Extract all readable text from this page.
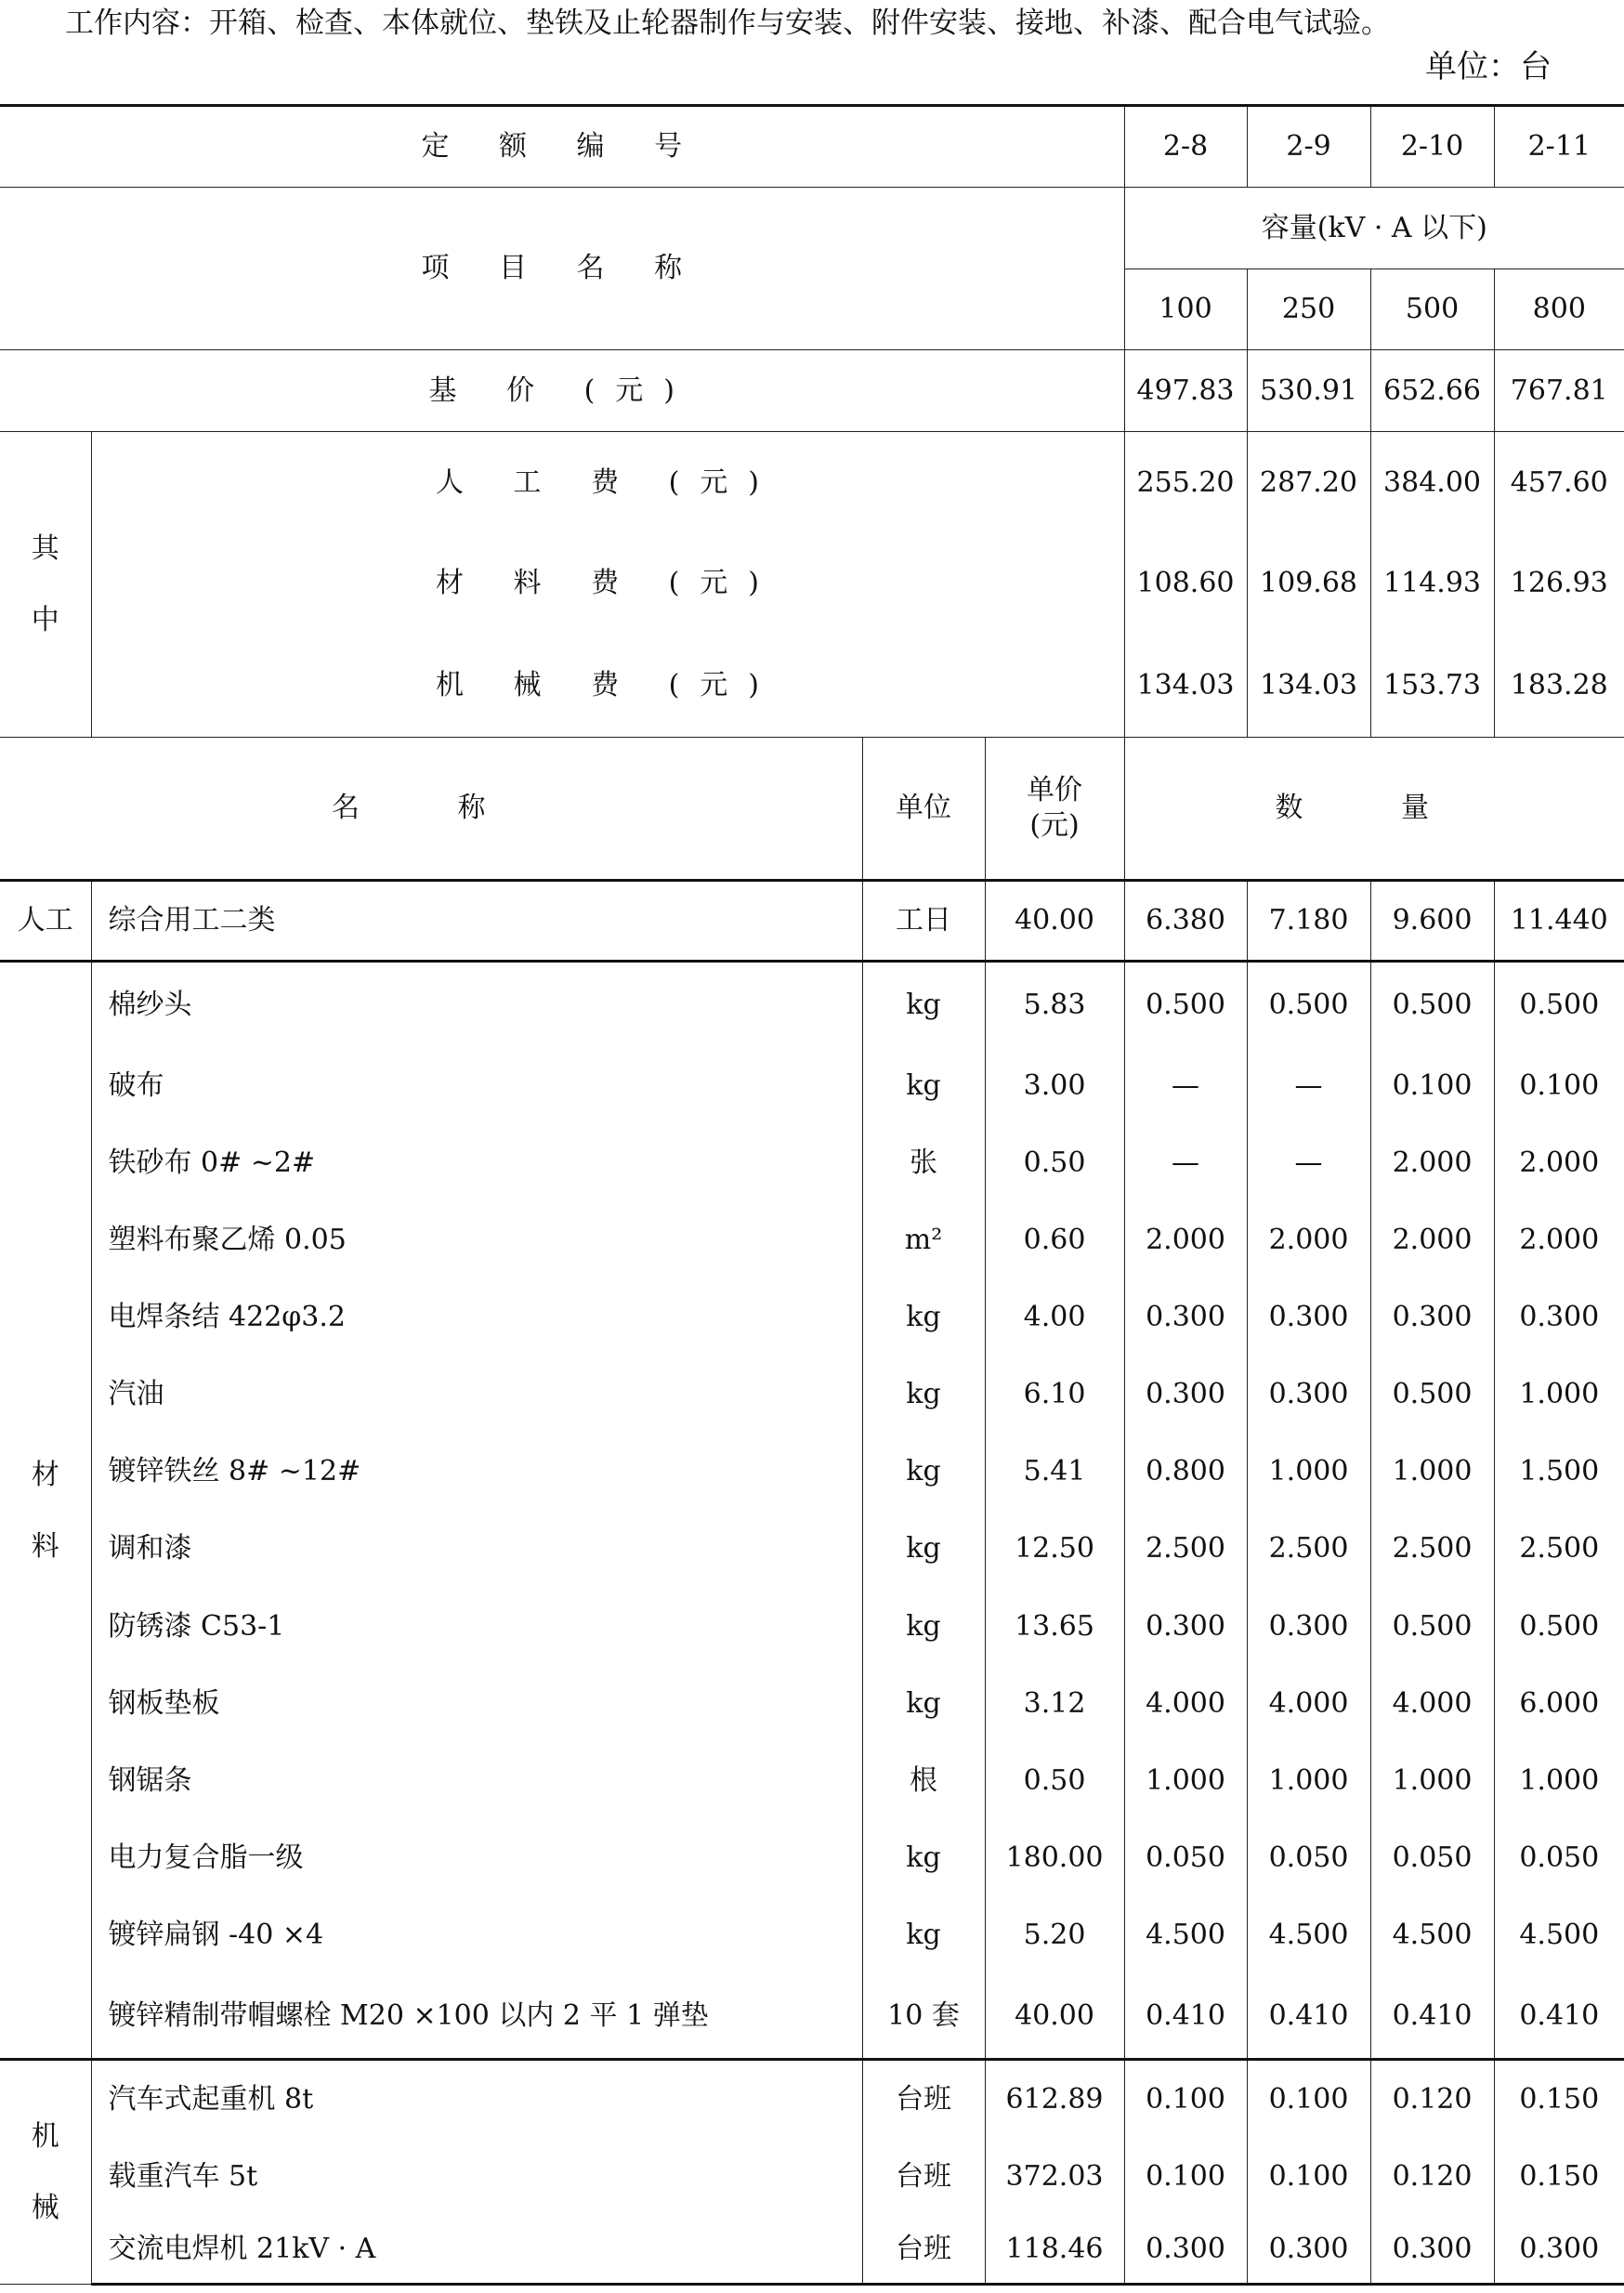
工作内容：开箱、检查、本体就位、垫铁及止轮器制作与安装、附件安装、接地、补漆、配合电气试验。
单位：台
定 额 编 号				2-8	2-9	2-10	2-11
项 目 名 称				容量(kV · A 以下)			
				100	250	500	800
基 价 (元)				497.83	530.91	652.66	767.81

其
中	人 工 费 (元)			255.20	287.20	384.00	457.60
	材 料 费 (元)			108.60	109.68	114.93	126.93
	机 械 费 (元)			134.03	134.03	153.73	183.28
名 称		单位	单价
(元)	数 量			
人工	综合用工二类	工日	40.00	6.380	7.180	9.600	11.440

材
料	棉纱头	kg	5.83	0.500	0.500	0.500	0.500
	破布	kg	3.00	—	—	0.100	0.100
	铁砂布 0# ~2#	张	0.50	—	—	2.000	2.000
	塑料布聚乙烯 0.05	m²	0.60	2.000	2.000	2.000	2.000
	电焊条结 422φ3.2	kg	4.00	0.300	0.300	0.300	0.300
	汽油	kg	6.10	0.300	0.300	0.500	1.000
	镀锌铁丝 8# ~12#	kg	5.41	0.800	1.000	1.000	1.500
	调和漆	kg	12.50	2.500	2.500	2.500	2.500
	防锈漆 C53-1	kg	13.65	0.300	0.300	0.500	0.500
	钢板垫板	kg	3.12	4.000	4.000	4.000	6.000
	钢锯条	根	0.50	1.000	1.000	1.000	1.000
	电力复合脂一级	kg	180.00	0.050	0.050	0.050	0.050
	镀锌扁钢 -40 ×4	kg	5.20	4.500	4.500	4.500	4.500
	镀锌精制带帽螺栓 M20 ×100 以内 2 平 1 弹垫	10 套	40.00	0.410	0.410	0.410	0.410

机
械	汽车式起重机 8t	台班	612.89	0.100	0.100	0.120	0.150
	载重汽车 5t	台班	372.03	0.100	0.100	0.120	0.150
	交流电焊机 21kV · A	台班	118.46	0.300	0.300	0.300	0.300
